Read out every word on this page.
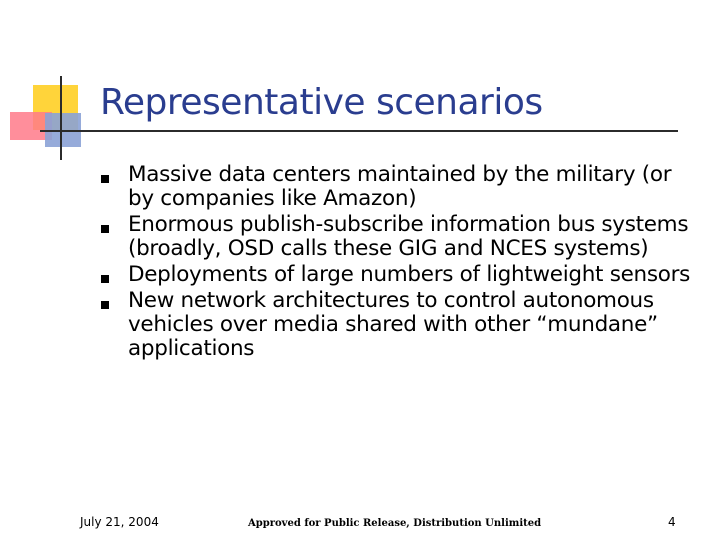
Representative scenarios
Massive data centers maintained by the military (or by companies like Amazon)
Enormous publish-subscribe information bus systems (broadly, OSD calls these GIG and NCES systems)
Deployments of large numbers of lightweight sensors
New network architectures to control autonomous vehicles over media shared with other “mundane” applications
July 21, 2004	Approved for Public Release, Distribution Unlimited	4
